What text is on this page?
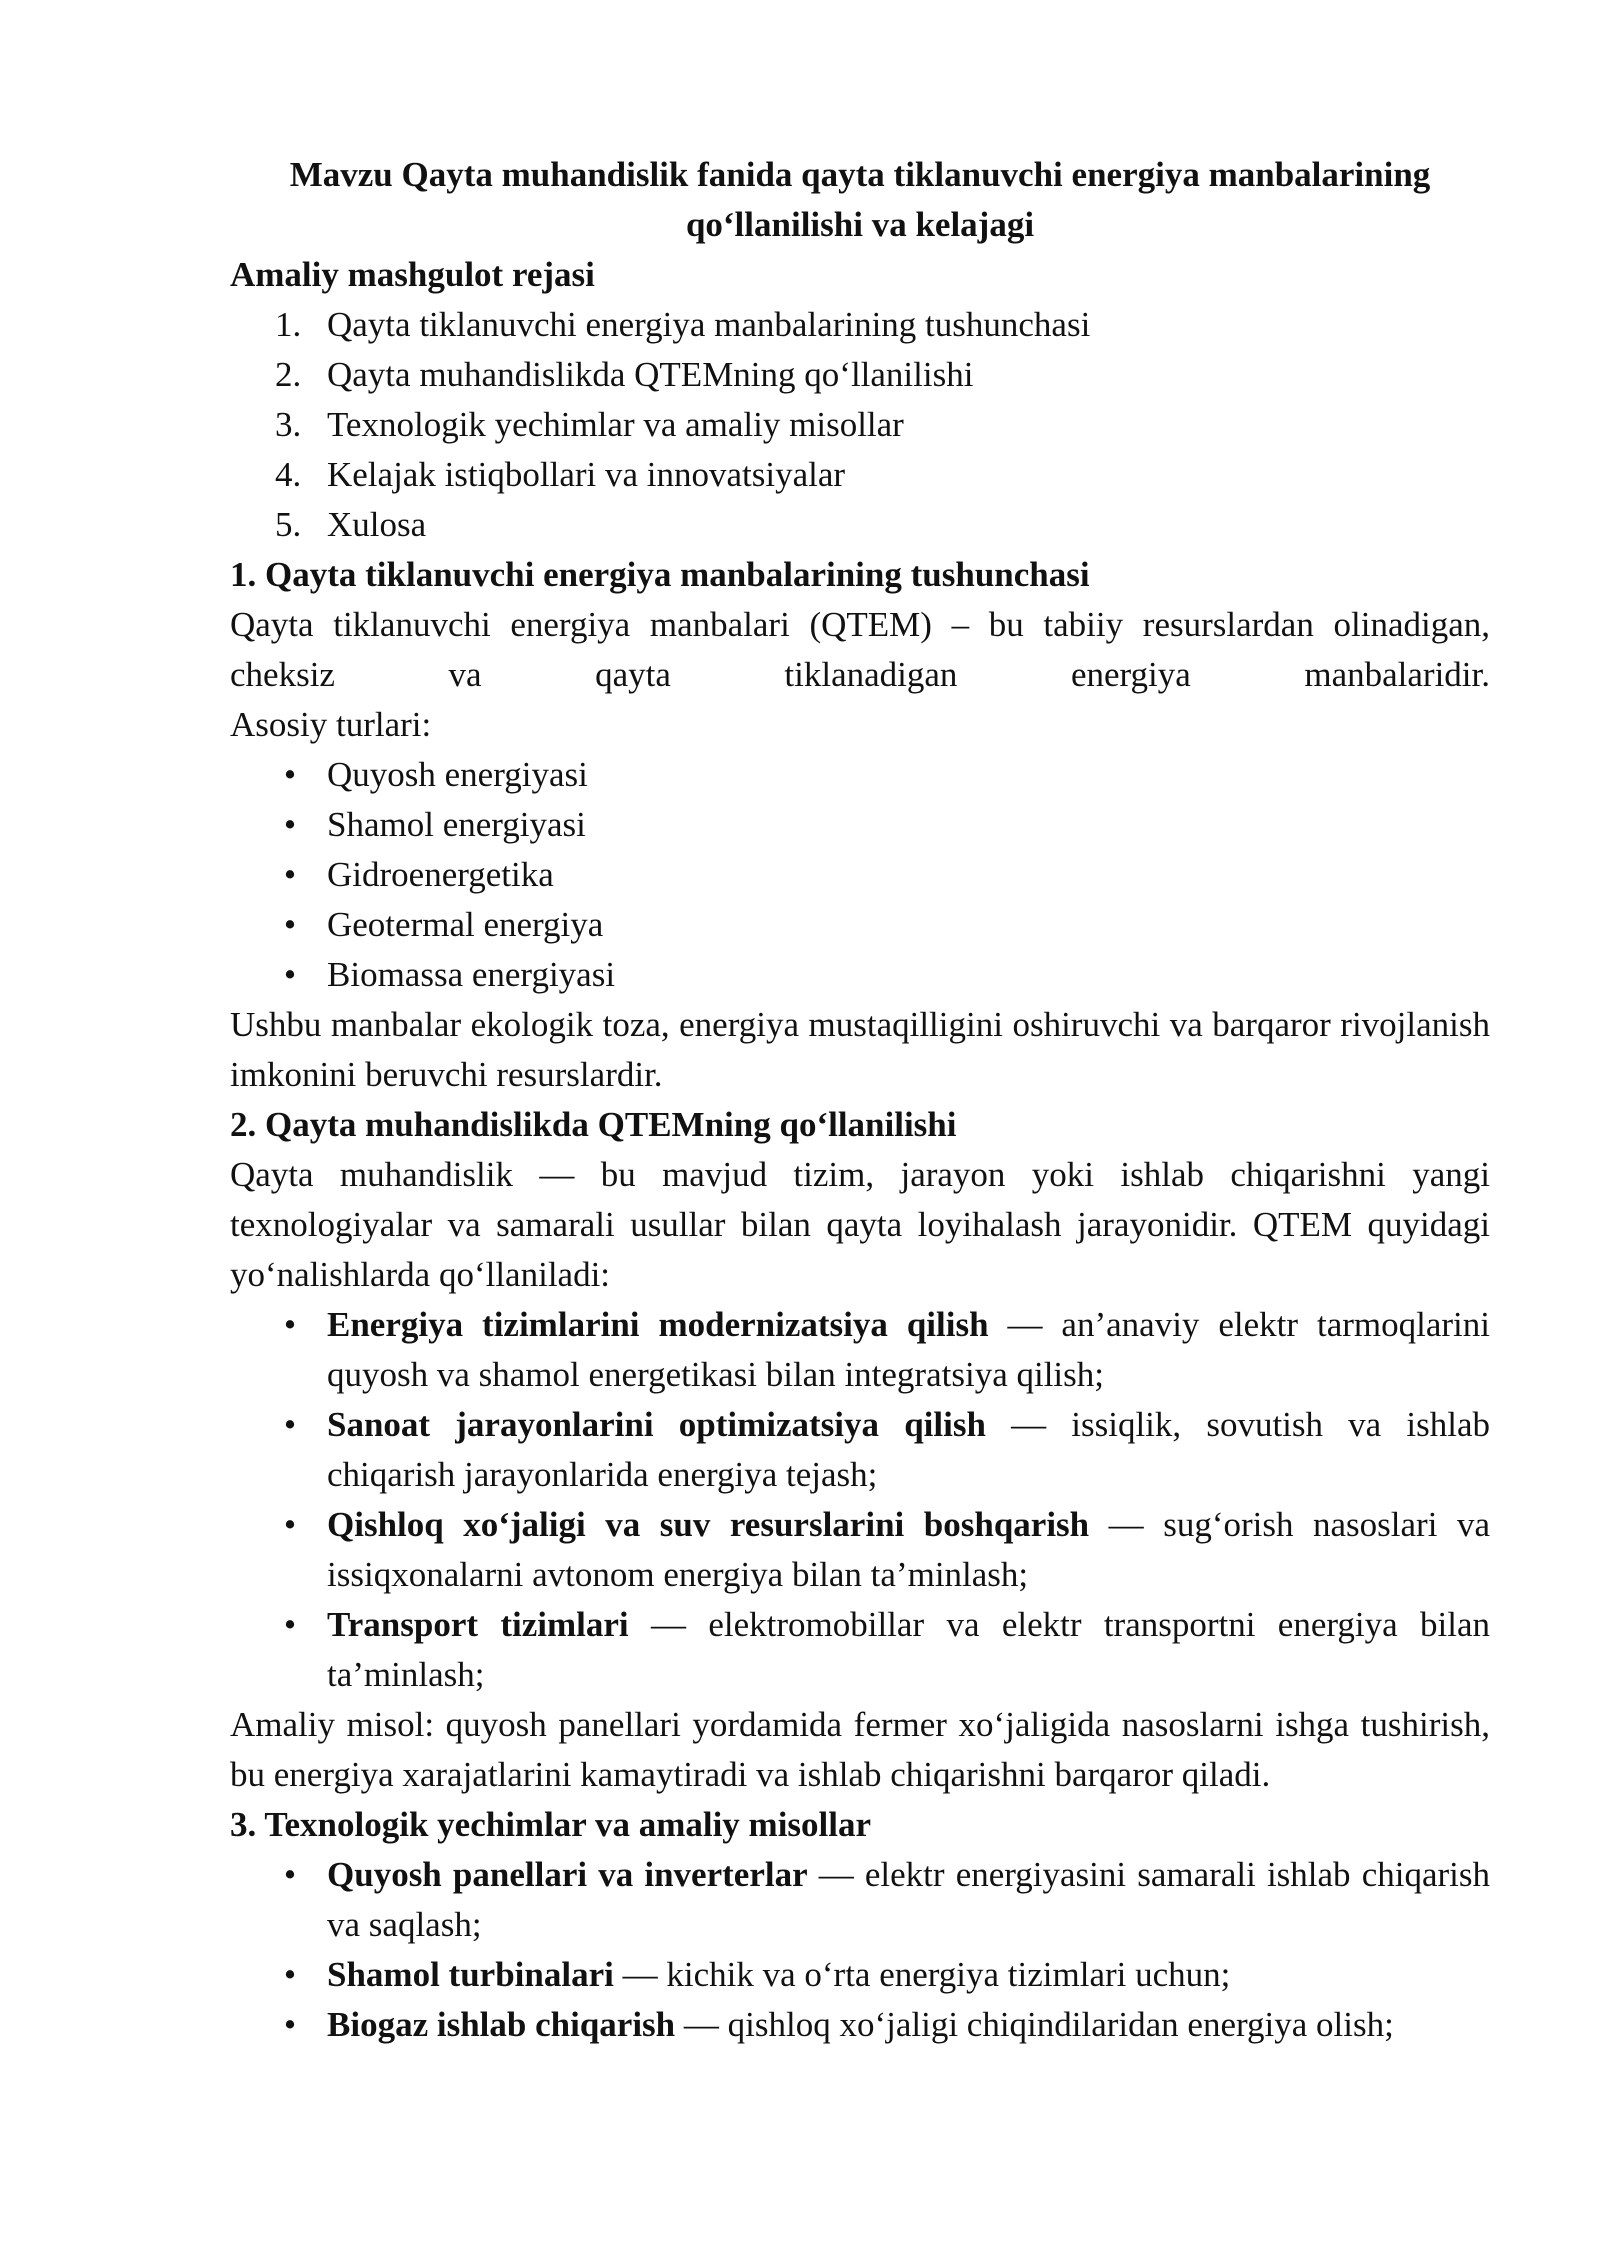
Mavzu Qayta muhandislik fanida qayta tiklanuvchi energiya manbalarining
qo‘llanilishi va kelajagi

Amaliy mashgulot rejasi

1. Qayta tiklanuvchi energiya manbalarining tushunchasi
2. Qayta muhandislikda QTEMning qo‘llanilishi
3. Texnologik yechimlar va amaliy misollar
4. Kelajak istiqbollari va innovatsiyalar
5. Xulosa

1. Qayta tiklanuvchi energiya manbalarining tushunchasi

Qayta tiklanuvchi energiya manbalari (QTEM) – bu tabiiy resurslardan olinadigan,
cheksiz va qayta tiklanadigan energiya manbalaridir.
Asosiy turlari:

• Quyosh energiyasi
• Shamol energiyasi
• Gidroenergetika
• Geotermal energiya
• Biomassa energiyasi

Ushbu manbalar ekologik toza, energiya mustaqilligini oshiruvchi va barqaror rivojlanish imkonini beruvchi resurslardir.

2. Qayta muhandislikda QTEMning qo‘llanilishi

Qayta muhandislik — bu mavjud tizim, jarayon yoki ishlab chiqarishni yangi texnologiyalar va samarali usullar bilan qayta loyihalash jarayonidir. QTEM quyidagi yo‘nalishlarda qo‘llaniladi:

• Energiya tizimlarini modernizatsiya qilish — an’anaviy elektr tarmoqlarini quyosh va shamol energetikasi bilan integratsiya qilish;
• Sanoat jarayonlarini optimizatsiya qilish — issiqlik, sovutish va ishlab chiqarish jarayonlarida energiya tejash;
• Qishloq xo‘jaligi va suv resurslarini boshqarish — sug‘orish nasoslari va issiqxonalarni avtonom energiya bilan ta’minlash;
• Transport tizimlari — elektromobillar va elektr transportni energiya bilan ta’minlash;

Amaliy misol: quyosh panellari yordamida fermer xo‘jaligida nasoslarni ishga tushirish, bu energiya xarajatlarini kamaytiradi va ishlab chiqarishni barqaror qiladi.

3. Texnologik yechimlar va amaliy misollar

• Quyosh panellari va inverterlar — elektr energiyasini samarali ishlab chiqarish va saqlash;
• Shamol turbinalari — kichik va o‘rta energiya tizimlari uchun;
• Biogaz ishlab chiqarish — qishloq xo‘jaligi chiqindilaridan energiya olish;
